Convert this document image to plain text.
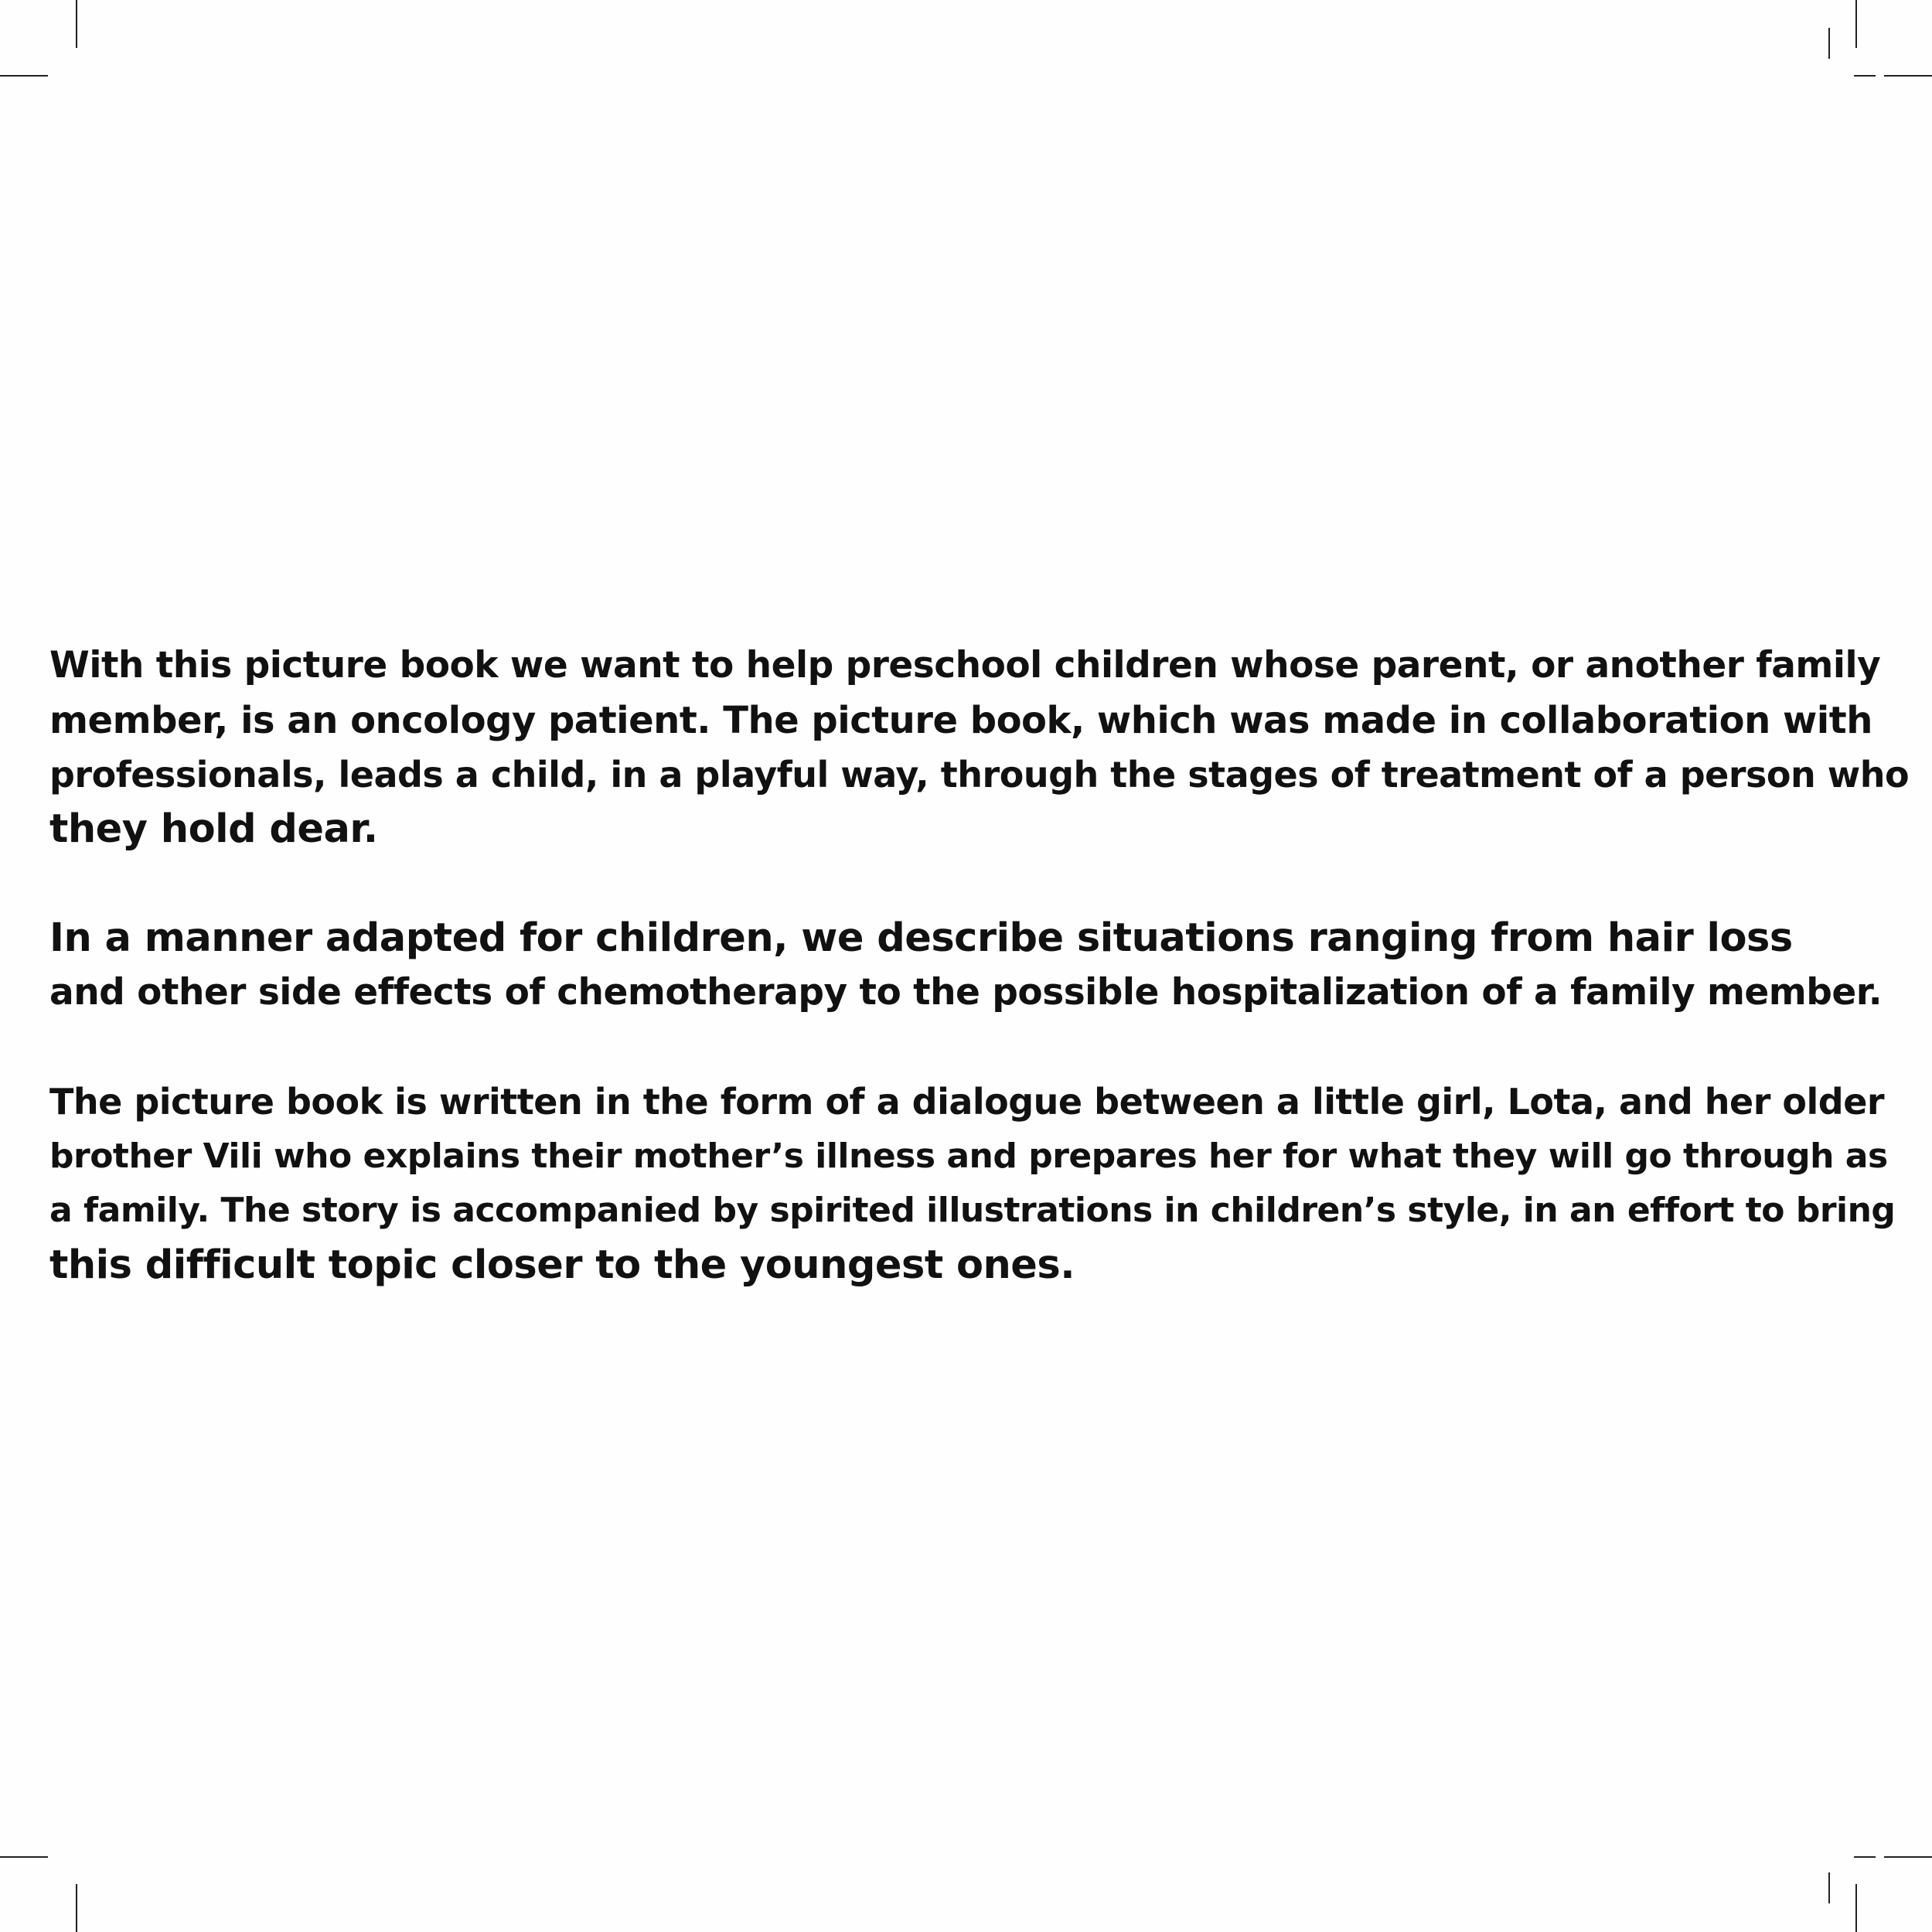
With this picture book we want to help preschool children whose parent, or another family
member, is an oncology patient. The picture book, which was made in collaboration with
professionals, leads a child, in a playful way, through the stages of treatment of a person who
they hold dear.

In a manner adapted for children, we describe situations ranging from hair loss
and other side effects of chemotherapy to the possible hospitalization of a family member.

The picture book is written in the form of a dialogue between a little girl, Lota, and her older
brother Vili who explains their mother’s illness and prepares her for what they will go through as
a family. The story is accompanied by spirited illustrations in children’s style, in an effort to bring
this difficult topic closer to the youngest ones.
